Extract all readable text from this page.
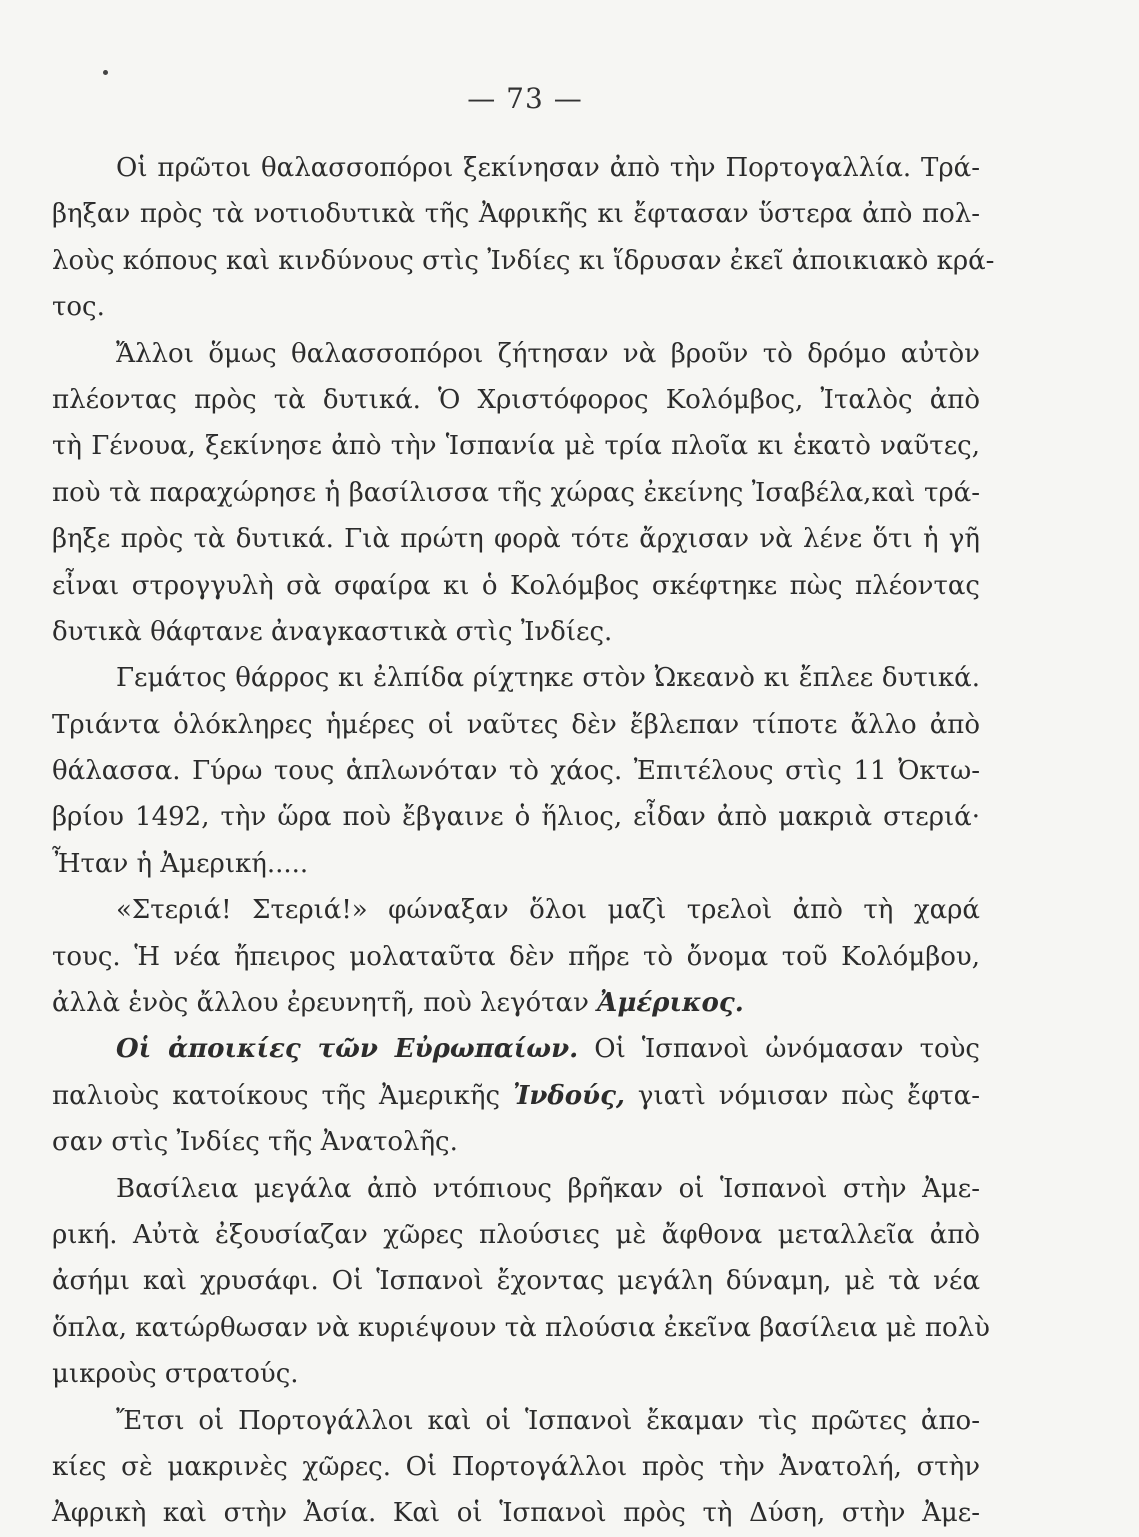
— 73 —
Οἱ πρῶτοι θαλασσοπόροι ξεκίνησαν ἀπὸ τὴν Πορτογαλλία. Τρά-
βηξαν πρὸς τὰ νοτιοδυτικὰ τῆς Ἀφρικῆς κι ἔφτασαν ὕστερα ἀπὸ πολ-
λοὺς κόπους καὶ κινδύνους στὶς Ἰνδίες κι ἵδρυσαν ἐκεῖ ἀποικιακὸ κρά-
τος.
Ἄλλοι ὅμως θαλασσοπόροι ζήτησαν νὰ βροῦν τὸ δρόμο αὐτὸν
πλέοντας πρὸς τὰ δυτικά. Ὁ Χριστόφορος Κολόμβος, Ἰταλὸς ἀπὸ
τὴ Γένουα, ξεκίνησε ἀπὸ τὴν Ἱσπανία μὲ τρία πλοῖα κι ἑκατὸ ναῦτες,
ποὺ τὰ παραχώρησε ἡ βασίλισσα τῆς χώρας ἐκείνης Ἰσαβέλα,καὶ τρά-
βηξε πρὸς τὰ δυτικά. Γιὰ πρώτη φορὰ τότε ἄρχισαν νὰ λένε ὅτι ἡ γῆ
εἶναι στρογγυλὴ σὰ σφαίρα κι ὁ Κολόμβος σκέφτηκε πὼς πλέοντας
δυτικὰ θάφτανε ἀναγκαστικὰ στὶς Ἰνδίες.
Γεμάτος θάρρος κι ἐλπίδα ρίχτηκε στὸν Ὠκεανὸ κι ἔπλεε δυτικά.
Τριάντα ὁλόκληρες ἡμέρες οἱ ναῦτες δὲν ἔβλεπαν τίποτε ἄλλο ἀπὸ
θάλασσα. Γύρω τους ἁπλωνόταν τὸ χάος. Ἐπιτέλους στὶς 11 Ὀκτω-
βρίου 1492, τὴν ὥρα ποὺ ἔβγαινε ὁ ἥλιος, εἶδαν ἀπὸ μακριὰ στεριά·
Ἦταν ἡ Ἀμερική.....
«Στεριά! Στεριά!» φώναξαν ὅλοι μαζὶ τρελοὶ ἀπὸ τὴ χαρά
τους. Ἡ νέα ἤπειρος μολαταῦτα δὲν πῆρε τὸ ὄνομα τοῦ Κολόμβου,
ἀλλὰ ἑνὸς ἄλλου ἐρευνητῆ, ποὺ λεγόταν Ἀμέρικος.
Οἱ ἀποικίες τῶν Εὐρωπαίων. Οἱ Ἱσπανοὶ ὠνόμασαν τοὺς
παλιοὺς κατοίκους τῆς Ἀμερικῆς Ἰνδούς, γιατὶ νόμισαν πὼς ἔφτα-
σαν στὶς Ἰνδίες τῆς Ἀνατολῆς.
Βασίλεια μεγάλα ἀπὸ ντόπιους βρῆκαν οἱ Ἱσπανοὶ στὴν Ἀμε-
ρική. Αὐτὰ ἐξουσίαζαν χῶρες πλούσιες μὲ ἄφθονα μεταλλεῖα ἀπὸ
ἀσήμι καὶ χρυσάφι. Οἱ Ἱσπανοὶ ἔχοντας μεγάλη δύναμη, μὲ τὰ νέα
ὅπλα, κατώρθωσαν νὰ κυριέψουν τὰ πλούσια ἐκεῖνα βασίλεια μὲ πολὺ
μικροὺς στρατούς.
Ἔτσι οἱ Πορτογάλλοι καὶ οἱ Ἱσπανοὶ ἔκαμαν τὶς πρῶτες ἀπο-
κίες σὲ μακρινὲς χῶρες. Οἱ Πορτογάλλοι πρὸς τὴν Ἀνατολή, στὴν
Ἀφρικὴ καὶ στὴν Ἀσία. Καὶ οἱ Ἱσπανοὶ πρὸς τὴ Δύση, στὴν Ἀμε-
